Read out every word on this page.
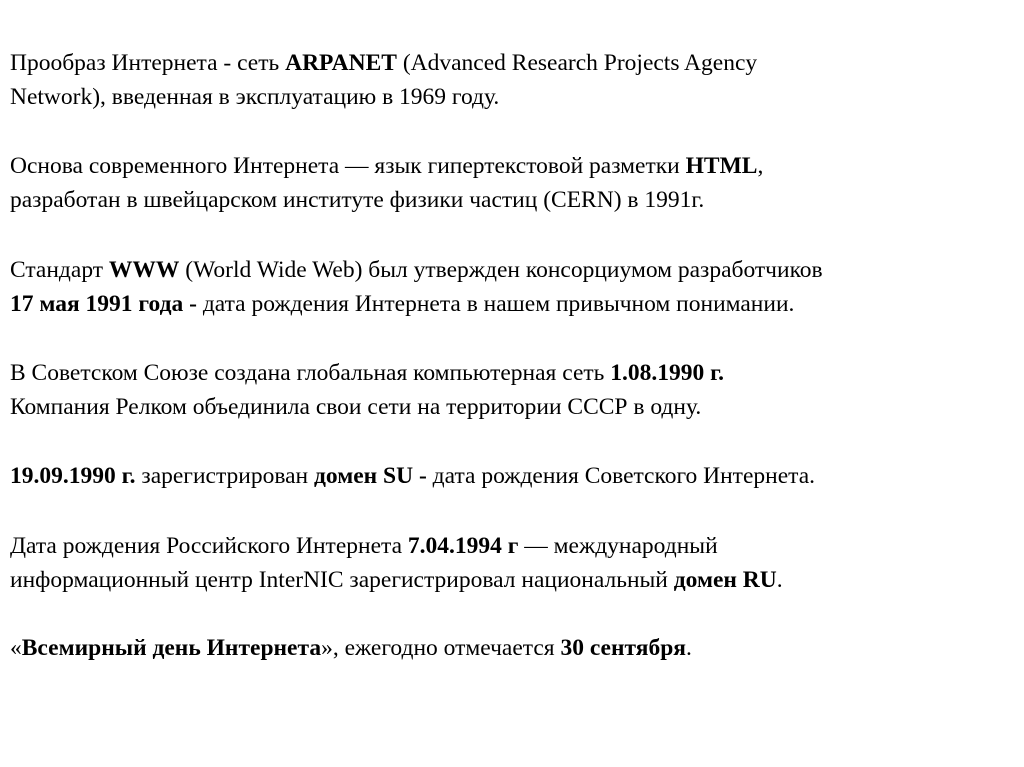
Прообраз Интернета - сеть ARPANET (Advanced Research Projects Agency
Network), введенная в эксплуатацию в 1969 году.

Основа современного Интернета — язык гипертекстовой разметки HTML,
разработан в швейцарском институте физики частиц (CERN) в 1991г.

Стандарт WWW (World Wide Web) был утвержден консорциумом разработчиков
17 мая 1991 года - дата рождения Интернета в нашем привычном понимании.

В Советском Союзе создана глобальная компьютерная сеть 1.08.1990 г.
Компания Релком объединила свои сети на территории СССР в одну.

19.09.1990 г. зарегистрирован домен SU - дата рождения Советского Интернета.

Дата рождения Российского Интернета 7.04.1994 г — международный
информационный центр InterNIC зарегистрировал национальный домен RU.

«Всемирный день Интернета», ежегодно отмечается 30 сентября.
